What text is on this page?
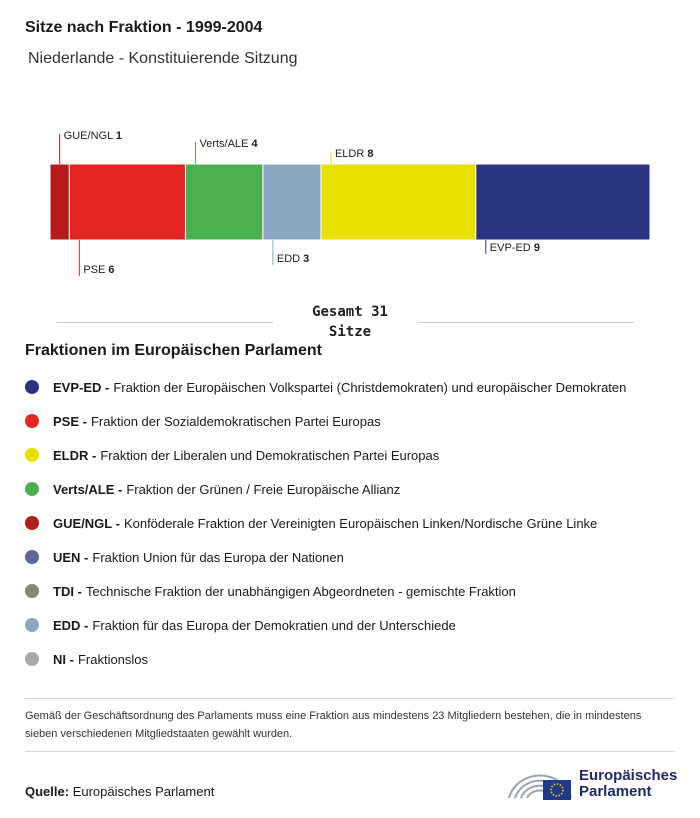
Sitze nach Fraktion - 1999-2004
Niederlande - Konstituierende Sitzung
GUE/NGL 1
PSE 6
Verts/ALE 4
EDD 3
ELDR 8
EVP-ED 9
Gesamt 31
Sitze
Fraktionen im Europäischen Parlament
EVP-ED - Fraktion der Europäischen Volkspartei (Christdemokraten) und europäischer Demokraten
PSE - Fraktion der Sozialdemokratischen Partei Europas
ELDR - Fraktion der Liberalen und Demokratischen Partei Europas
Verts/ALE - Fraktion der Grünen / Freie Europäische Allianz
GUE/NGL - Konföderale Fraktion der Vereinigten Europäischen Linken/Nordische Grüne Linke
UEN - Fraktion Union für das Europa der Nationen
TDI - Technische Fraktion der unabhängigen Abgeordneten - gemischte Fraktion
EDD - Fraktion für das Europa der Demokratien und der Unterschiede
NI - Fraktionslos
Gemäß der Geschäftsordnung des Parlaments muss eine Fraktion aus mindestens 23 Mitgliedern bestehen, die in mindestens sieben verschiedenen Mitgliedstaaten gewählt wurden.
Quelle: Europäisches Parlament
Europäisches
Parlament
